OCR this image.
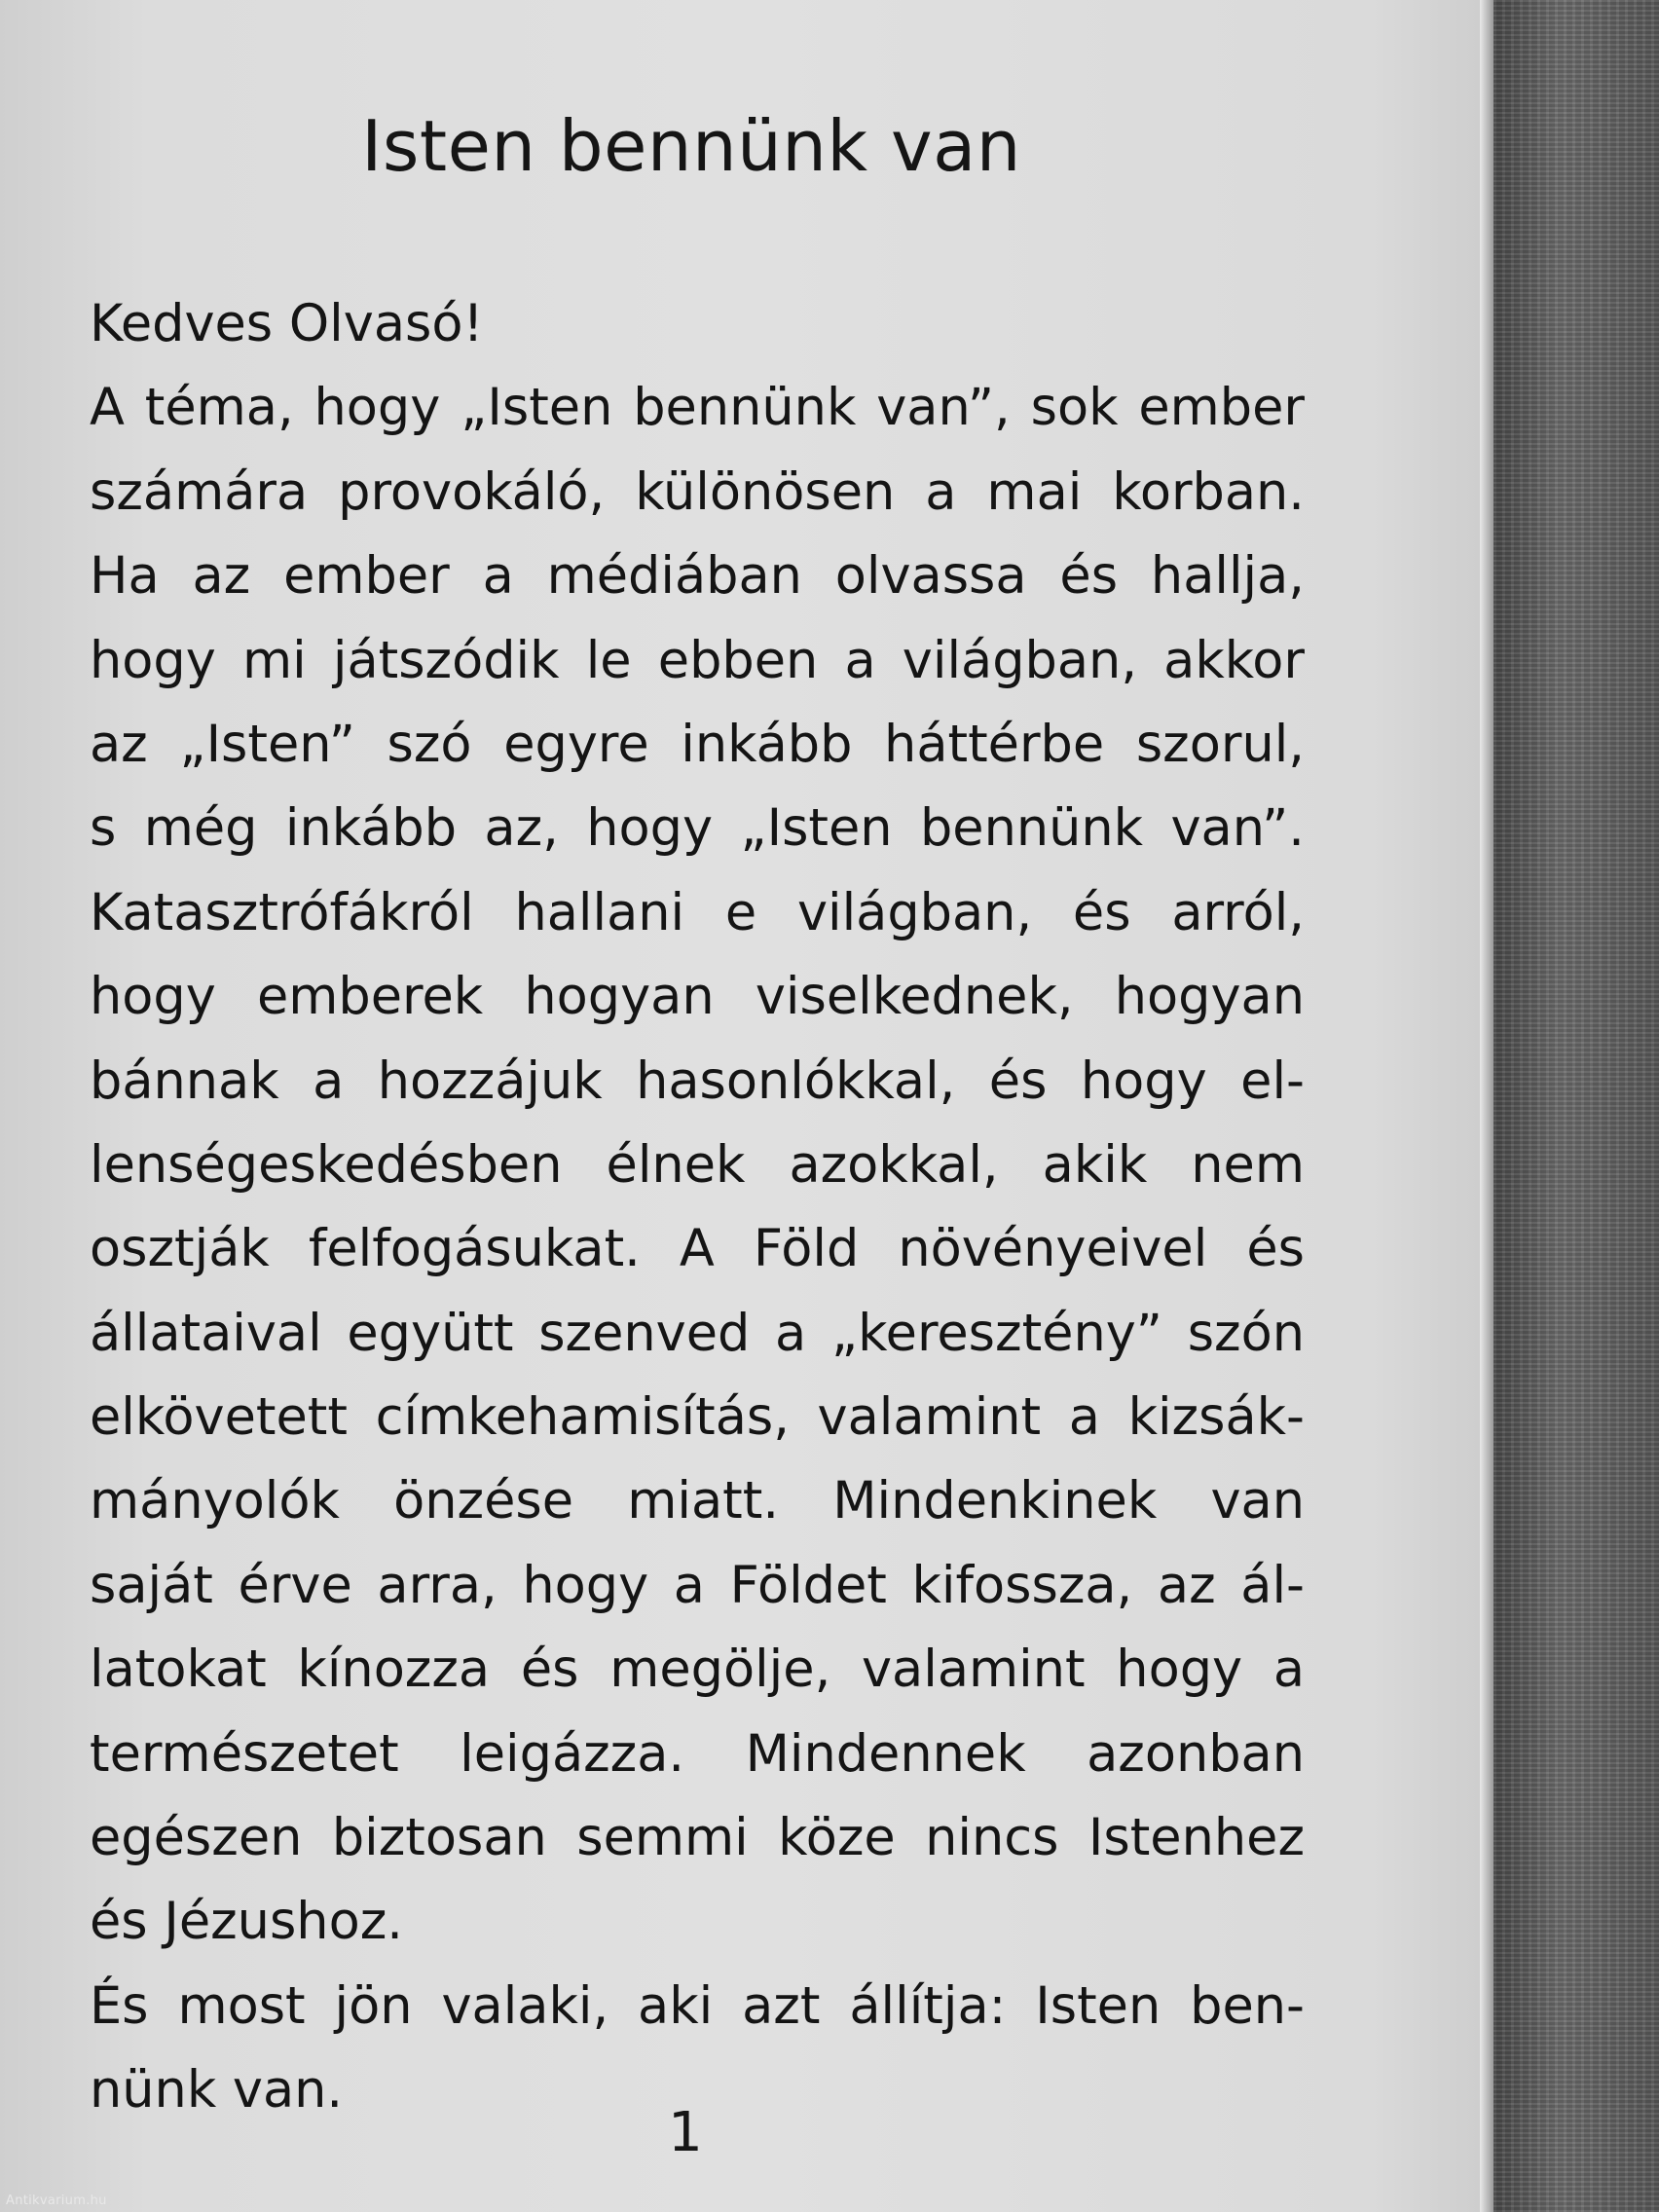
Isten bennünk van
Kedves Olvasó!
A téma, hogy „Isten bennünk van”, sok ember
számára provokáló, különösen a mai korban.
Ha az ember a médiában olvassa és hallja,
hogy mi játszódik le ebben a világban, akkor
az „Isten” szó egyre inkább háttérbe szorul,
s még inkább az, hogy „Isten bennünk van”.
Katasztrófákról hallani e világban, és arról,
hogy emberek hogyan viselkednek, hogyan
bánnak a hozzájuk hasonlókkal, és hogy el-
lenségeskedésben élnek azokkal, akik nem
osztják felfogásukat. A Föld növényeivel és
állataival együtt szenved a „keresztény” szón
elkövetett címkehamisítás, valamint a kizsák-
mányolók önzése miatt. Mindenkinek van
saját érve arra, hogy a Földet kifossza, az ál-
latokat kínozza és megölje, valamint hogy a
természetet leigázza. Mindennek azonban
egészen biztosan semmi köze nincs Istenhez
és Jézushoz.
És most jön valaki, aki azt állítja: Isten ben-
nünk van.
1
Antikvarium.hu
